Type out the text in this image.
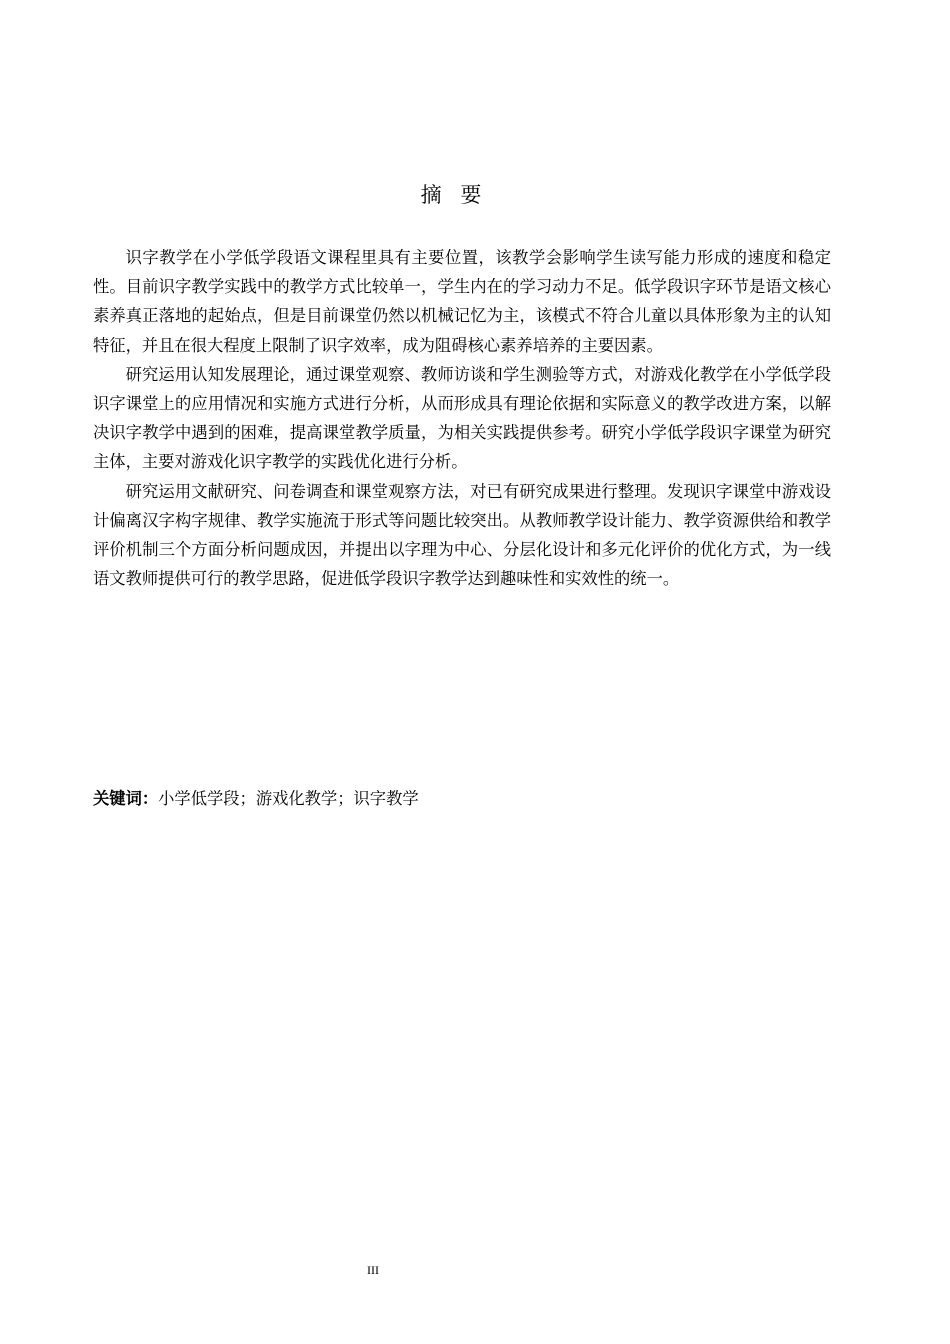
摘 要

识字教学在小学低学段语文课程里具有主要位置，该教学会影响学生读写能力形成的速度和稳定性。目前识字教学实践中的教学方式比较单一，学生内在的学习动力不足。低学段识字环节是语文核心素养真正落地的起始点，但是目前课堂仍然以机械记忆为主，该模式不符合儿童以具体形象为主的认知特征，并且在很大程度上限制了识字效率，成为阻碍核心素养培养的主要因素。

研究运用认知发展理论，通过课堂观察、教师访谈和学生测验等方式，对游戏化教学在小学低学段识字课堂上的应用情况和实施方式进行分析，从而形成具有理论依据和实际意义的教学改进方案，以解决识字教学中遇到的困难，提高课堂教学质量，为相关实践提供参考。研究小学低学段识字课堂为研究主体，主要对游戏化识字教学的实践优化进行分析。

研究运用文献研究、问卷调查和课堂观察方法，对已有研究成果进行整理。发现识字课堂中游戏设计偏离汉字构字规律、教学实施流于形式等问题比较突出。从教师教学设计能力、教学资源供给和教学评价机制三个方面分析问题成因，并提出以字理为中心、分层化设计和多元化评价的优化方式，为一线语文教师提供可行的教学思路，促进低学段识字教学达到趣味性和实效性的统一。

关键词：小学低学段；游戏化教学；识字教学
III
